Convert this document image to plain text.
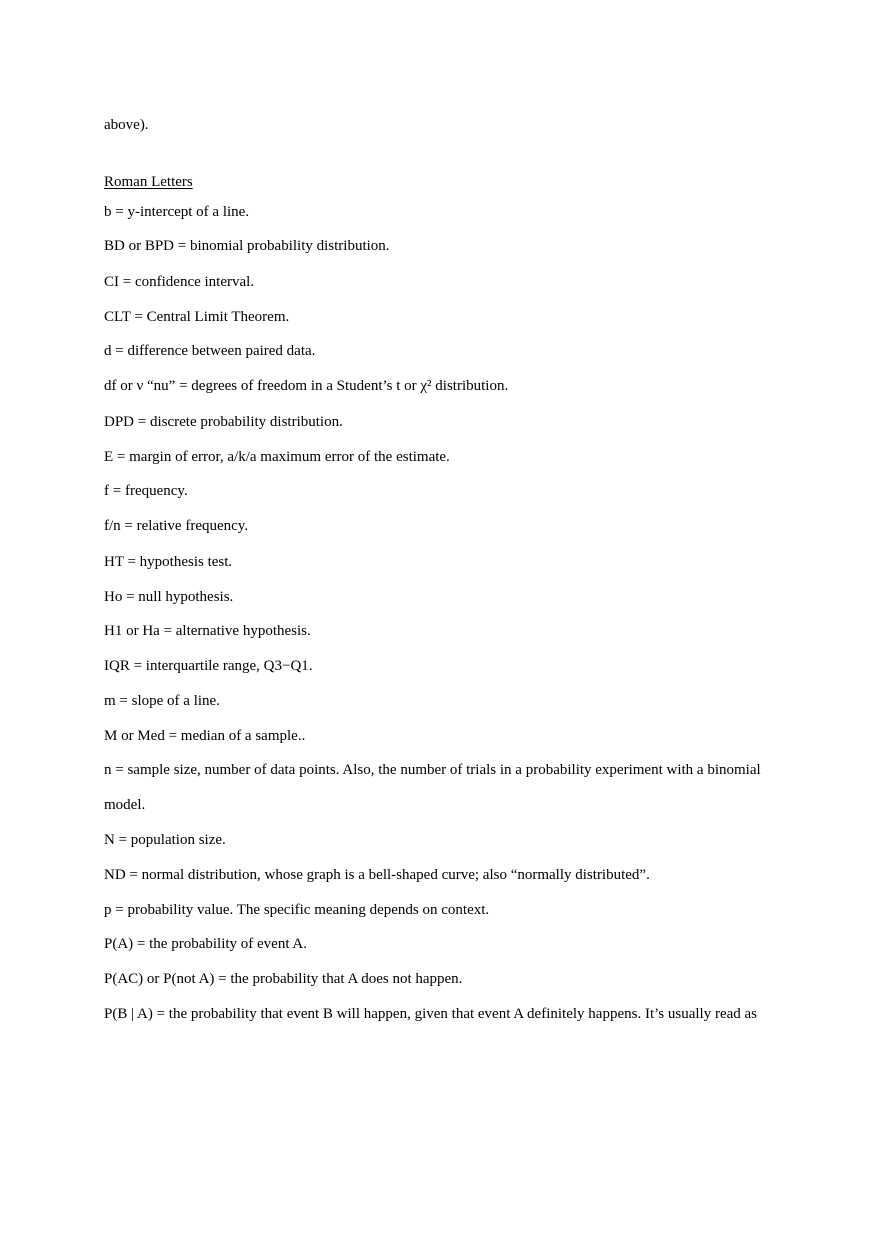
above).
Roman Letters
b = y-intercept of a line.
BD or BPD = binomial probability distribution.
CI = confidence interval.
CLT = Central Limit Theorem.
d = difference between paired data.
df or ν “nu” = degrees of freedom in a Student’s t or χ² distribution.
DPD = discrete probability distribution.
E = margin of error, a/k/a maximum error of the estimate.
f = frequency.
f/n = relative frequency.
HT = hypothesis test.
Ho = null hypothesis.
H1 or Ha = alternative hypothesis.
IQR = interquartile range, Q3−Q1.
m = slope of a line.
M or Med = median of a sample..
n = sample size, number of data points. Also, the number of trials in a probability experiment with a binomial
model.
N = population size.
ND = normal distribution, whose graph is a bell-shaped curve; also “normally distributed”.
p = probability value. The specific meaning depends on context.
P(A) = the probability of event A.
P(AC) or P(not A) = the probability that A does not happen.
P(B | A) = the probability that event B will happen, given that event A definitely happens. It’s usually read as
